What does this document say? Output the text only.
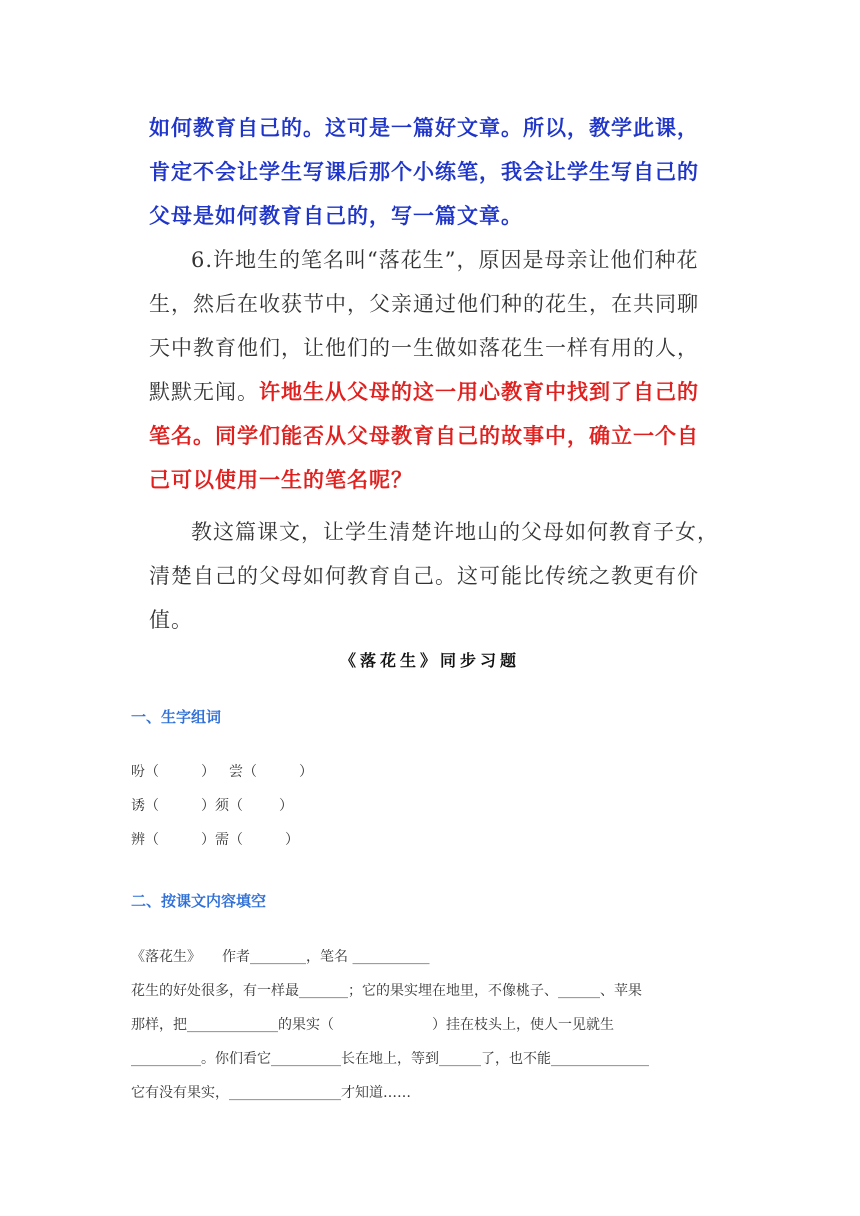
如何教育自己的。这可是一篇好文章。所以，教学此课，肯定不会让学生写课后那个小练笔，我会让学生写自己的父母是如何教育自己的，写一篇文章。

6.许地生的笔名叫“落花生”，原因是母亲让他们种花生，然后在收获节中，父亲通过他们种的花生，在共同聊天中教育他们，让他们的一生做如落花生一样有用的人，默默无闻。许地生从父母的这一用心教育中找到了自己的笔名。同学们能否从父母教育自己的故事中，确立一个自己可以使用一生的笔名呢？

教这篇课文，让学生清楚许地山的父母如何教育子女，清楚自己的父母如何教育自己。这可能比传统之教更有价值。

《落花生》同步习题
一、生字组词
吩（	） 尝（	）
诱（	）须（	）
辨（	）需（	）
二、按课文内容填空
《落花生》　　作者________，笔名 ___________
花生的好处很多，有一样最_______；它的果实埋在地里，不像桃子、______、苹果
那样，把_____________的果实（　　　　　　　）挂在枝头上，使人一见就生
__________。你们看它__________长在地上，等到______了，也不能______________
它有没有果实，________________才知道……
